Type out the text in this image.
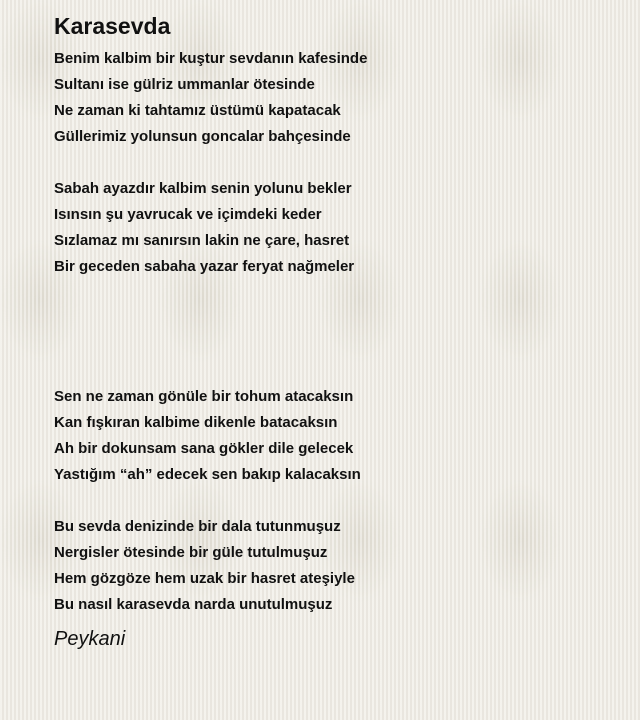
Karasevda
Benim kalbim bir kuştur sevdanın kafesinde
Sultanı ise gülriz ummanlar ötesinde
Ne zaman ki tahtamız üstümü kapatacak
Güllerimiz yolunsun goncalar bahçesinde
Sabah ayazdır kalbim senin yolunu bekler
Isınsın şu yavrucak ve içimdeki keder
Sızlamaz mı sanırsın lakin ne çare, hasret
Bir geceden sabaha yazar feryat nağmeler
Sen ne zaman gönüle bir tohum atacaksın
Kan fışkıran kalbime dikenle batacaksın
Ah bir dokunsam sana gökler dile gelecek
Yastığım “ah” edecek sen bakıp kalacaksın
Bu sevda denizinde bir dala tutunmuşuz
Nergisler ötesinde bir güle tutulmuşuz
Hem gözgöze hem uzak bir hasret ateşiyle
Bu nasıl karasevda narda unutulmuşuz
Peykani
